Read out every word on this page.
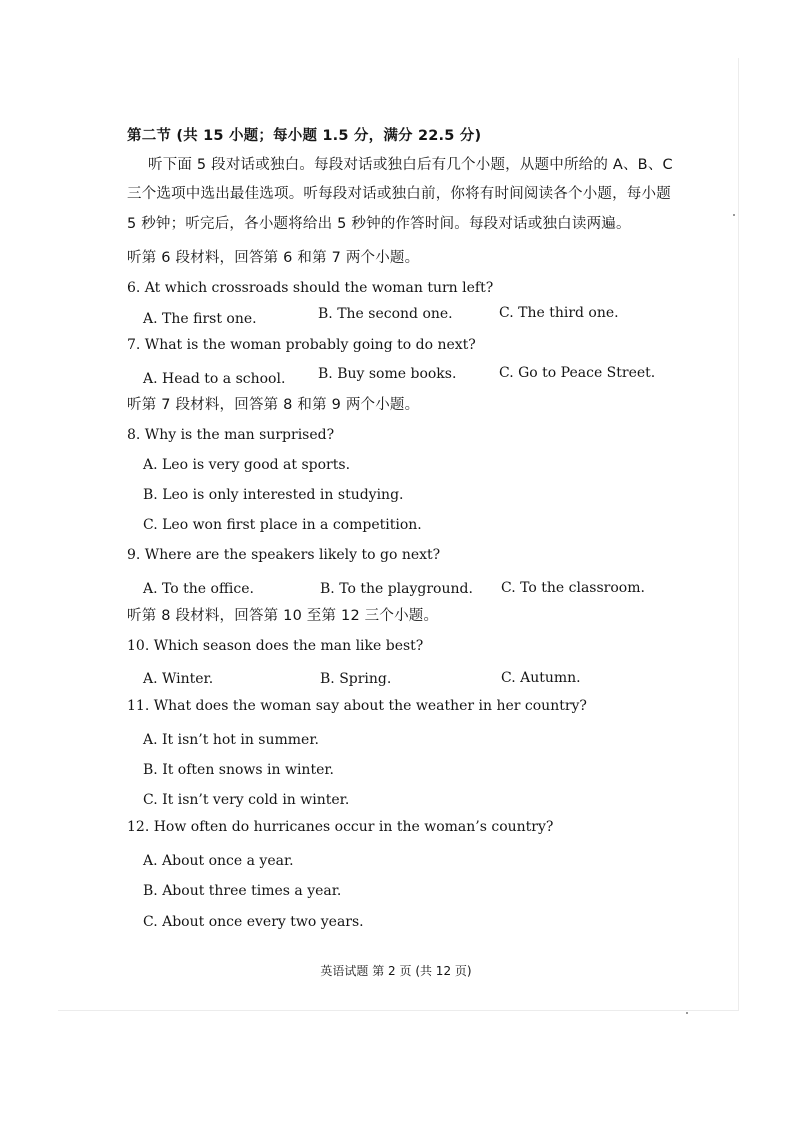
第二节 (共 15 小题；每小题 1.5 分，满分 22.5 分)
听下面 5 段对话或独白。每段对话或独白后有几个小题，从题中所给的 A、B、C
三个选项中选出最佳选项。听每段对话或独白前，你将有时间阅读各个小题，每小题
5 秒钟；听完后，各小题将给出 5 秒钟的作答时间。每段对话或独白读两遍。
听第 6 段材料，回答第 6 和第 7 两个小题。
6. At which crossroads should the woman turn left?
A. The first one.	B. The second one.	C. The third one.
7. What is the woman probably going to do next?
A. Head to a school. B. Buy some books.	C. Go to Peace Street.
听第 7 段材料，回答第 8 和第 9 两个小题。
8. Why is the man surprised?
A. Leo is very good at sports.
B. Leo is only interested in studying.
C. Leo won first place in a competition.
9. Where are the speakers likely to go next?
A. To the office.	B. To the playground. C. To the classroom.
听第 8 段材料，回答第 10 至第 12 三个小题。
10. Which season does the man like best?
A. Winter.	B. Spring.	C. Autumn.
11. What does the woman say about the weather in her country?
A. It isn’t hot in summer.
B. It often snows in winter.
C. It isn’t very cold in winter.
12. How often do hurricanes occur in the woman’s country?
A. About once a year.
B. About three times a year.
C. About once every two years.
英语试题 第 2 页 (共 12 页)
